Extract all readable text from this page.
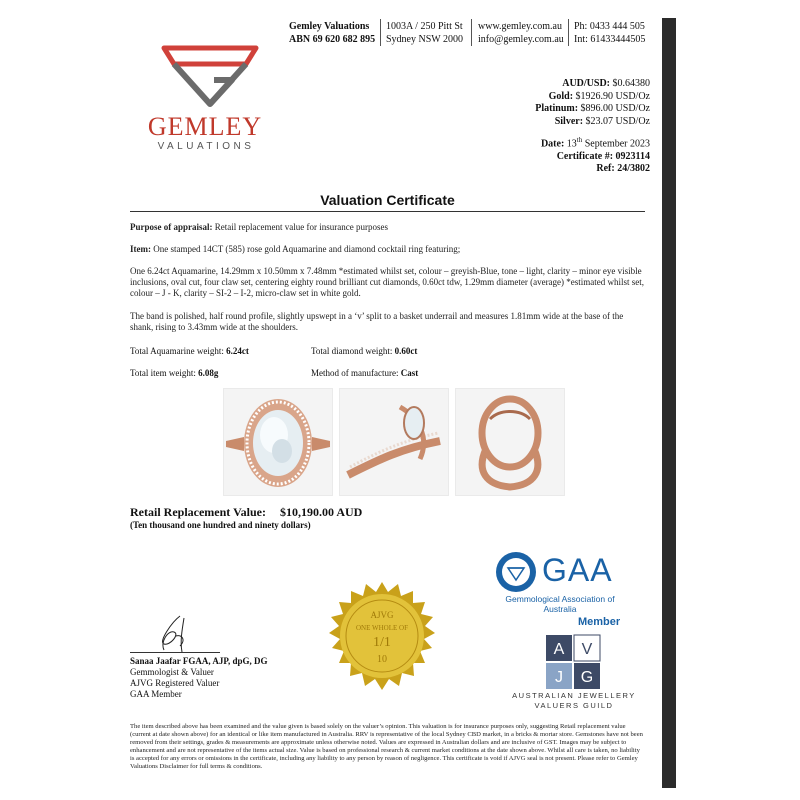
Gemley Valuations
ABN 69 620 682 895
1003A / 250 Pitt St
Sydney NSW 2000
www.gemley.com.au
info@gemley.com.au
Ph: 0433 444 505
Int: 61433444505
GEMLEY
VALUATIONS
AUD/USD: $0.64380
Gold: $1926.90 USD/Oz
Platinum: $896.00 USD/Oz
Silver: $23.07 USD/Oz
Date: 13th September 2023
Certificate #: 0923114
Ref: 24/3802
Valuation Certificate
Purpose of appraisal: Retail replacement value for insurance purposes
Item: One stamped 14CT (585) rose gold Aquamarine and diamond cocktail ring featuring;
One 6.24ct Aquamarine, 14.29mm x 10.50mm x 7.48mm *estimated whilst set, colour – greyish-Blue, tone – light, clarity – minor eye visible inclusions, oval cut, four claw set, centering eighty round brilliant cut diamonds, 0.60ct tdw, 1.29mm diameter (average) *estimated whilst set, colour – J - K, clarity – SI-2 – I-2, micro-claw set in white gold.
The band is polished, half round profile, slightly upswept in a ‘v’ split to a basket underrail and measures 1.81mm wide at the base of the shank, rising to 3.43mm wide at the shoulders.
Total Aquamarine weight: 6.24ct	Total diamond weight: 0.60ct
Total item weight: 6.08g	Method of manufacture: Cast
Retail Replacement Value: $10,190.00 AUD
(Ten thousand one hundred and ninety dollars)
Sanaa Jaafar FGAA, AJP, dpG, DG
Gemmologist & Valuer
AJVG Registered Valuer
GAA Member
AJVG
ONE WHOLE OF
1/1
10
GAA
Gemmological Association of Australia
Member
A V
J G
AUSTRALIAN JEWELLERY
VALUERS GUILD
The item described above has been examined and the value given is based solely on the valuer’s opinion. This valuation is for insurance purposes only, suggesting Retail replacement value (current at date shown above) for an identical or like item manufactured in Australia. RRV is representative of the local Sydney CBD market, in a bricks & mortar store. Gemstones have not been removed from their settings, grades & measurements are approximate unless otherwise noted. Values are expressed in Australian dollars and are inclusive of GST. Images may be subject to enhancement and are not representative of the items actual size. Value is based on professional research & current market conditions at the date shown above. Whilst all care is taken, no liability is accepted for any errors or omissions in the certificate, including any liability to any person by reason of negligence. This certificate is void if AJVG seal is not present. Please refer to Gemley Valuations Disclaimer for full terms & conditions.
